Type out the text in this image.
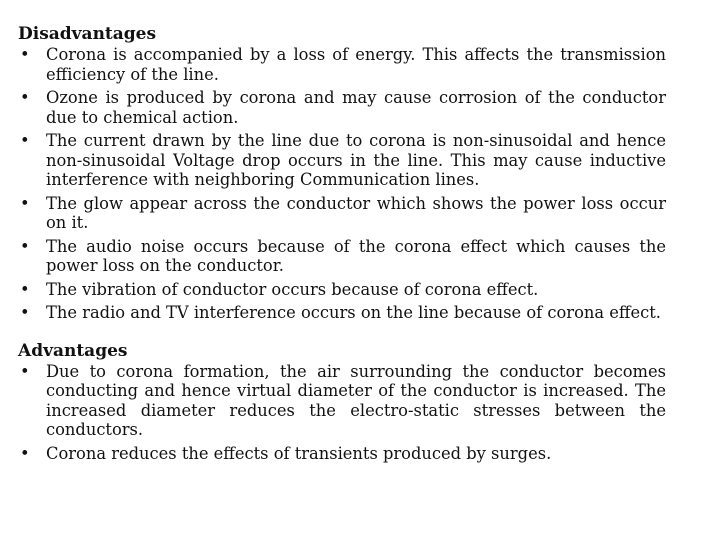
Disadvantages

• Corona is accompanied by a loss of energy. This affects the transmission efficiency of the line.
• Ozone is produced by corona and may cause corrosion of the conductor due to chemical action.
• The current drawn by the line due to corona is non-sinusoidal and hence non-sinusoidal Voltage drop occurs in the line. This may cause inductive interference with neighboring Communication lines.
• The glow appear across the conductor which shows the power loss occur on it.
• The audio noise occurs because of the corona effect which causes the power loss on the conductor.
• The vibration of conductor occurs because of corona effect.
• The radio and TV interference occurs on the line because of corona effect.

Advantages

• Due to corona formation, the air surrounding the conductor becomes conducting and hence virtual diameter of the conductor is increased. The increased diameter reduces the electro-static stresses between the conductors.
• Corona reduces the effects of transients produced by surges.
